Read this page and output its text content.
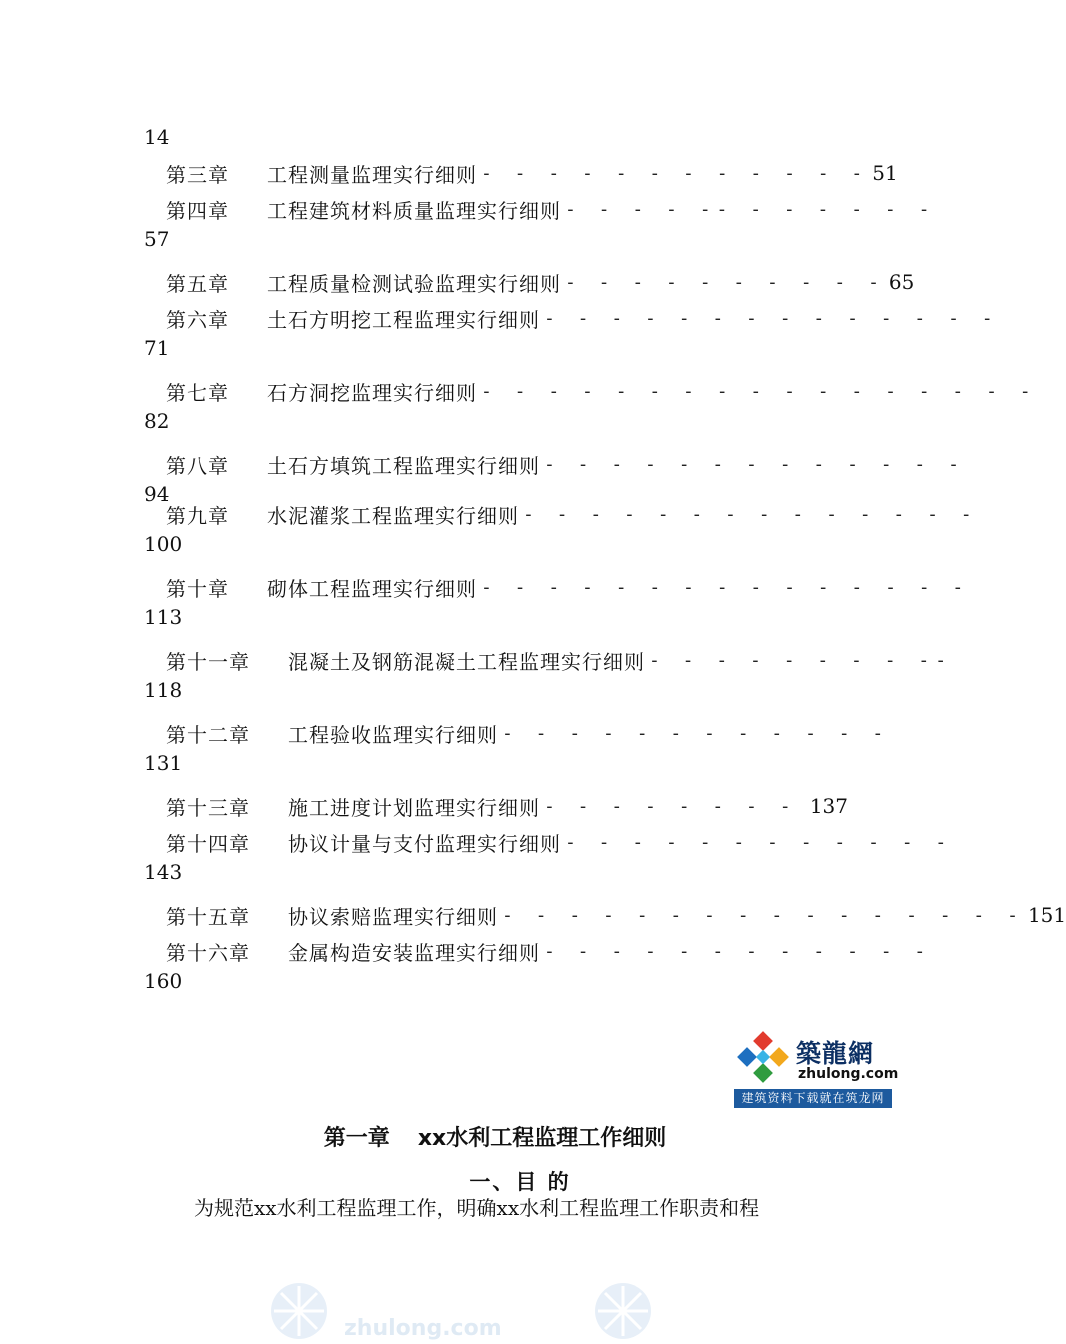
14
第三章 工程测量监理实行细则 - - - - - - - - - - - - 51
第四章 工程建筑材料质量监理实行细则 - - - - -- - - - - - -
57
第五章 工程质量检测试验监理实行细则 - - - - - - - - - - 65
第六章 土石方明挖工程监理实行细则 - - - - - - - - - - - - - -
71
第七章 石方洞挖监理实行细则 - - - - - - - - - - - - - - - - -
82
第八章 土石方填筑工程监理实行细则 - - - - - - - - - - - - -
94
第九章 水泥灌浆工程监理实行细则 - - - - - - - - - - - - - -
100
第十章 砌体工程监理实行细则 - - - - - - - - - - - - - - -
113
第十一章 混凝土及钢筋混凝土工程监理实行细则 - - - - - - - - --
118
第十二章 工程验收监理实行细则 - - - - - - - - - - - -
131
第十三章 施工进度计划监理实行细则 - - - - - - - - 137
第十四章 协议计量与支付监理实行细则 - - - - - - - - - - - -
143
第十五章 协议索赔监理实行细则 - - - - - - - - - - - - - - - - 151
第十六章 金属构造安装监理实行细则 - - - - - - - - - - - -
160
築龍網
zhulong.com
建筑资料下载就在筑龙网
第一章 xx水利工程监理工作细则
一、目 的
为规范xx水利工程监理工作，明确xx水利工程监理工作职责和程
zhulong.com
